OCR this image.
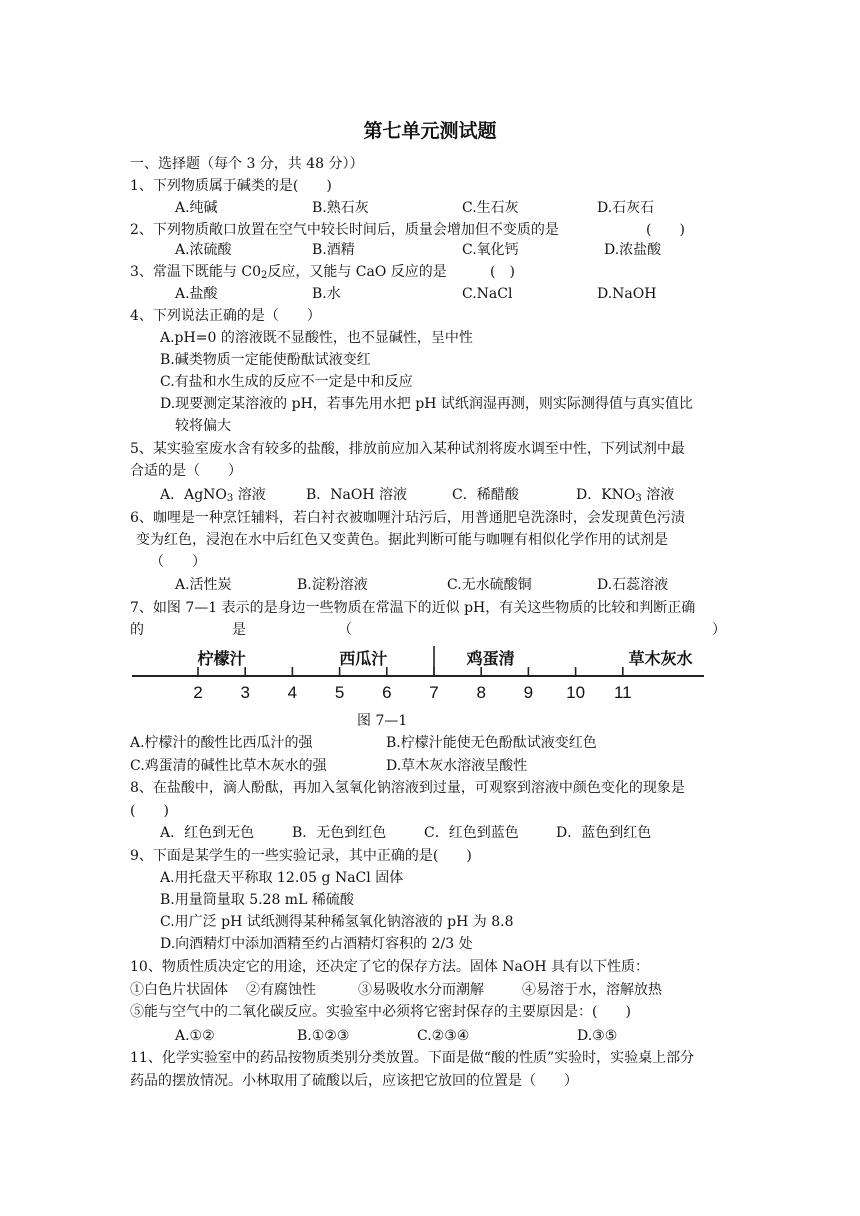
第七单元测试题
一、选择题（每个 3 分，共 48 分））
1、下列物质属于碱类的是(　　)
A.纯碱	B.熟石灰	C.生石灰	D.石灰石
2、下列物质敞口放置在空气中较长时间后，质量会增加但不变质的是	(　　)
A.浓硫酸	B.酒精	C.氧化钙	D.浓盐酸
3、常温下既能与 $C0_2$反应，又能与 CaO 反应的是	(　)
A.盐酸	B.水	C.NaCl	D.NaOH
4、下列说法正确的是（　　）
A.pH=0 的溶液既不显酸性，也不显碱性，呈中性
B.碱类物质一定能使酚酞试液变红
C.有盐和水生成的反应不一定是中和反应
D.现要测定某溶液的 pH，若事先用水把 pH 试纸润湿再测，则实际测得值与真实值比
较将偏大
5、某实验室废水含有较多的盐酸，排放前应加入某种试剂将废水调至中性，下列试剂中最
合适的是（　　）
A．AgNO$_3$ 溶液	B．NaOH 溶液	C．稀醋酸	D．$KNO_3$ 溶液
6、咖哩是一种烹饪辅料，若白衬衣被咖喱汁玷污后，用普通肥皂洗涤时，会发现黄色污渍
变为红色，浸泡在水中后红色又变黄色。据此判断可能与咖喱有相似化学作用的试剂是
（　　）
A.活性炭	B.淀粉溶液	C.无水硫酸铜	D.石蕊溶液
7、如图 7—1 表示的是身边一些物质在常温下的近似 pH，有关这些物质的比较和判断正确
的	是	（	）
2 3 4 5 6 7 8 9 10 11
柠檬汁	西瓜汁	鸡蛋清	草木灰水
图 7—1
A.柠檬汁的酸性比西瓜汁的强	B.柠檬汁能使无色酚酞试液变红色
C.鸡蛋清的碱性比草木灰水的强	D.草木灰水溶液呈酸性
8、在盐酸中，滴人酚酞，再加入氢氧化钠溶液到过量，可观察到溶液中颜色变化的现象是
(　　)
A．红色到无色	B．无色到红色	C．红色到蓝色	D．蓝色到红色
9、下面是某学生的一些实验记录，其中正确的是(　　)
A.用托盘天平称取 12.05 g NaCl 固体
B.用量筒量取 5.28 mL 稀硫酸
C.用广泛 pH 试纸测得某种稀氢氧化钠溶液的 pH 为 8.8
D.向酒精灯中添加酒精至约占酒精灯容积的 2/3 处
10、物质性质决定它的用途，还决定了它的保存方法。固体 NaOH 具有以下性质：
①白色片状固体 ②有腐蚀性	③易吸收水分而潮解	④易溶于水，溶解放热
⑤能与空气中的二氧化碳反应。实验室中必须将它密封保存的主要原因是：(　　)
A.①②	B.①②③	C.②③④	D.③⑤
11、化学实验室中的药品按物质类别分类放置。下面是做“酸的性质”实验时，实验桌上部分
药品的摆放情况。小林取用了硫酸以后，应该把它放回的位置是（　　）
